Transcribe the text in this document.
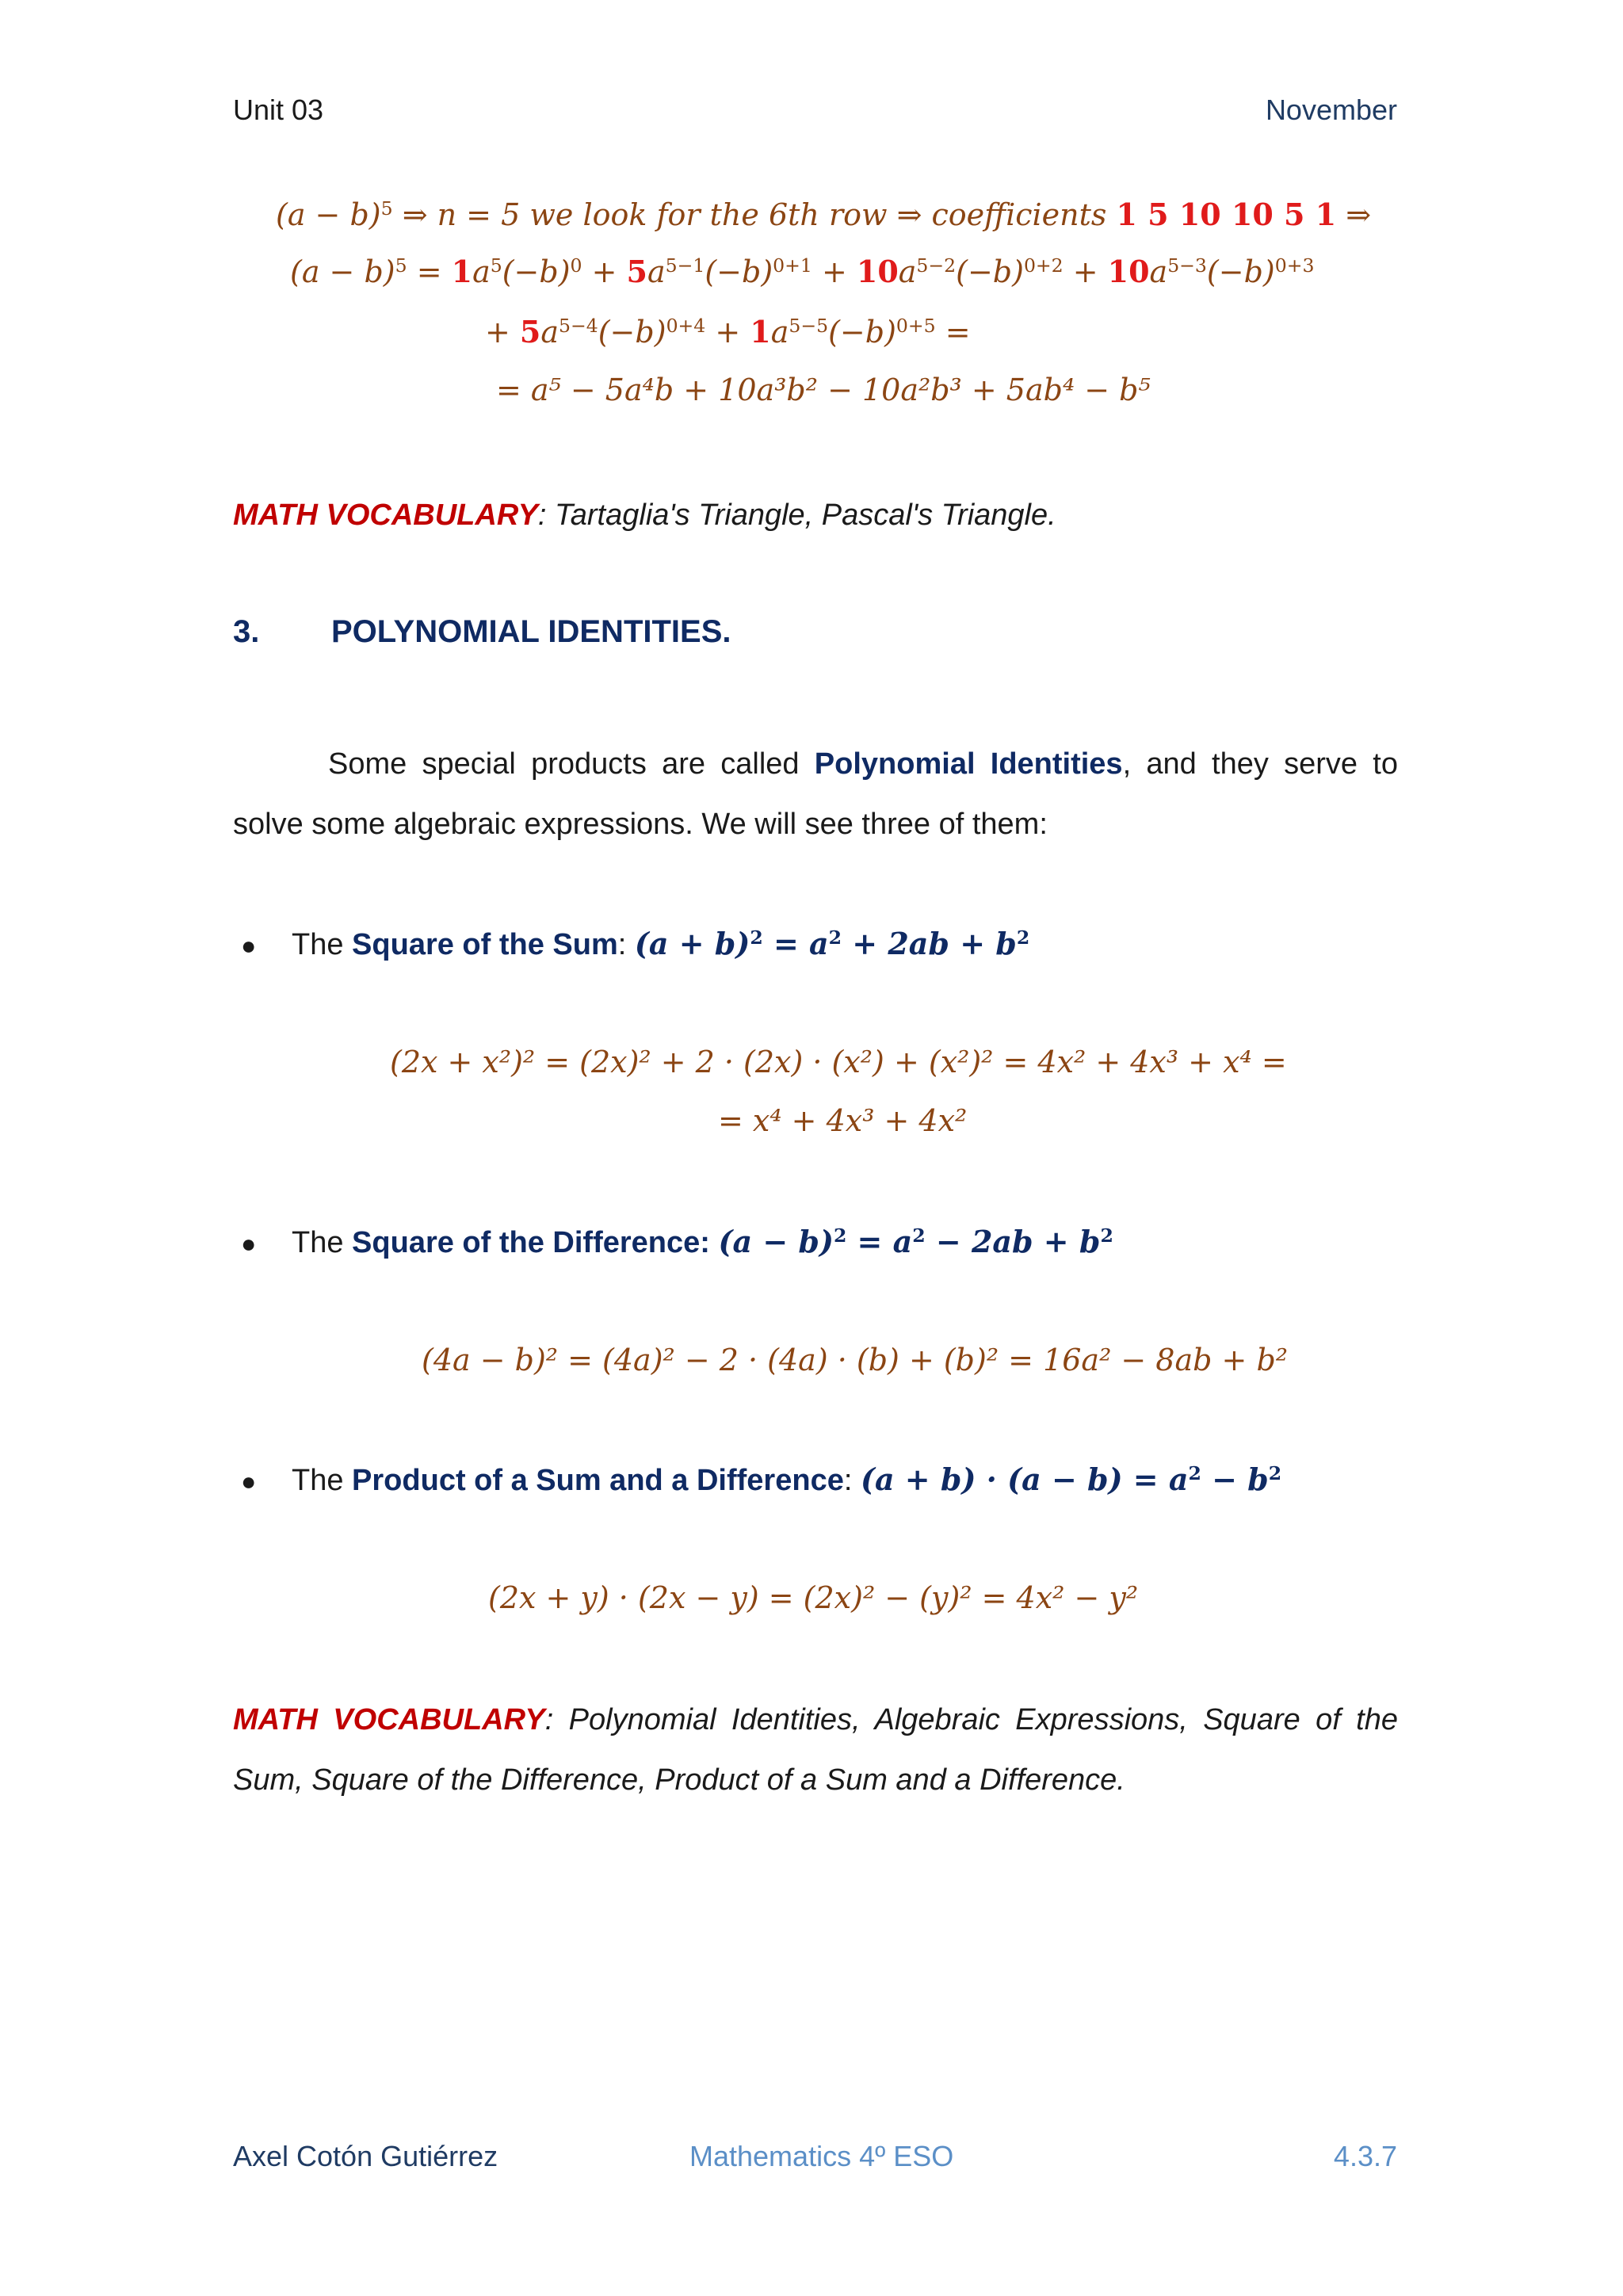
Unit 03	November
$(a - b)^5$ ⇒ n = 5 we look for the 6th row ⇒ coefficients 1 5 10 10 5 1 ⇒
$(a - b)^5 = 1a^5(-b)^0 + 5a^{5-1}(-b)^{0+1} + 10a^{5-2}(-b)^{0+2} + 10a^{5-3}(-b)^{0+3}$
+ $5a^{5-4}(-b)^{0+4} + 1a^{5-5}(-b)^{0+5}$ =
= a⁵ − 5a⁴b + 10a³b² − 10a²b³ + 5ab⁴ − b⁵
MATH VOCABULARY: Tartaglia's Triangle, Pascal's Triangle.
3. POLYNOMIAL IDENTITIES.
Some special products are called Polynomial Identities, and they serve to solve some algebraic expressions. We will see three of them:
● The Square of the Sum: $(a + b)^2 = a^2 + 2ab + b^2$
(2x + x²)² = (2x)² + 2 · (2x) · (x²) + (x²)² = 4x² + 4x³ + x⁴ =
= x⁴ + 4x³ + 4x²
● The Square of the Difference: $(a - b)^2 = a^2 - 2ab + b^2$
(4a − b)² = (4a)² − 2 · (4a) · (b) + (b)² = 16a² − 8ab + b²
● The Product of a Sum and a Difference: $(a + b) \cdot (a - b) = a^2 - b^2$
(2x + y) · (2x − y) = (2x)² − (y)² = 4x² − y²
MATH VOCABULARY: Polynomial Identities, Algebraic Expressions, Square of the Sum, Square of the Difference, Product of a Sum and a Difference.
Axel Cotón Gutiérrez	Mathematics 4º ESO	4.3.7
